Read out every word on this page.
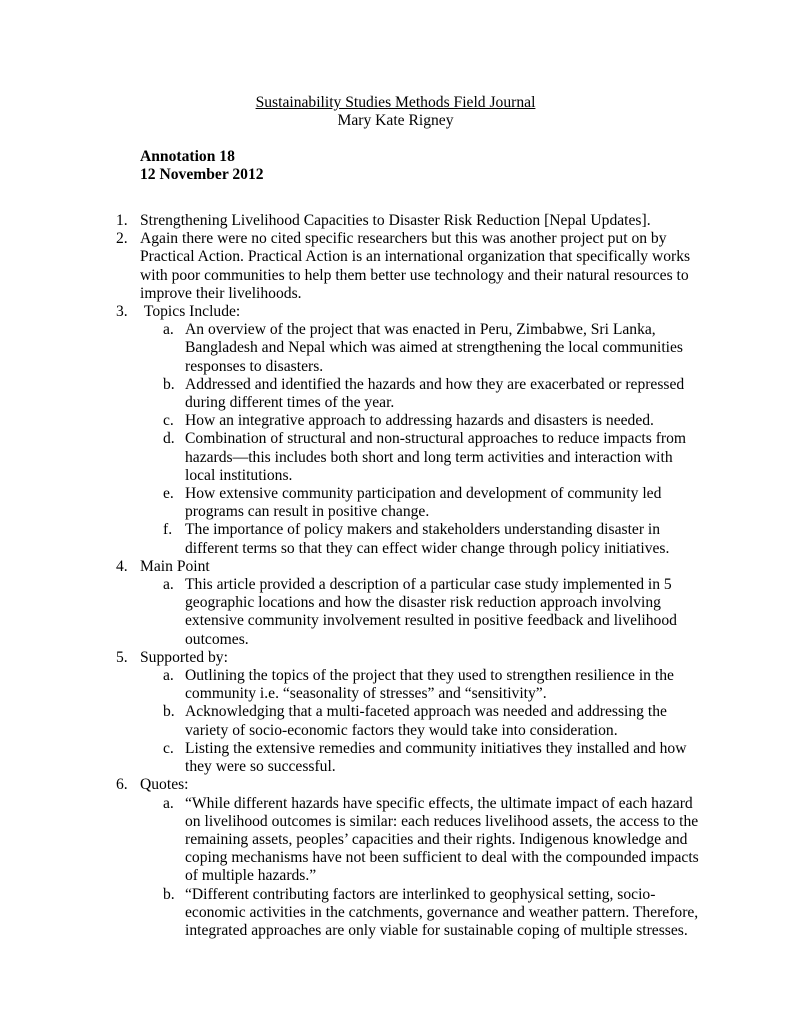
Sustainability Studies Methods Field Journal
Mary Kate Rigney
Annotation 18
12 November 2012
1. Strengthening Livelihood Capacities to Disaster Risk Reduction [Nepal Updates].
2. Again there were no cited specific researchers but this was another project put on by Practical Action. Practical Action is an international organization that specifically works with poor communities to help them better use technology and their natural resources to improve their livelihoods.
3. Topics Include:
a. An overview of the project that was enacted in Peru, Zimbabwe, Sri Lanka, Bangladesh and Nepal which was aimed at strengthening the local communities responses to disasters.
b. Addressed and identified the hazards and how they are exacerbated or repressed during different times of the year.
c. How an integrative approach to addressing hazards and disasters is needed.
d. Combination of structural and non-structural approaches to reduce impacts from hazards—this includes both short and long term activities and interaction with local institutions.
e. How extensive community participation and development of community led programs can result in positive change.
f. The importance of policy makers and stakeholders understanding disaster in different terms so that they can effect wider change through policy initiatives.
4. Main Point
a. This article provided a description of a particular case study implemented in 5 geographic locations and how the disaster risk reduction approach involving extensive community involvement resulted in positive feedback and livelihood outcomes.
5. Supported by:
a. Outlining the topics of the project that they used to strengthen resilience in the community i.e. “seasonality of stresses” and “sensitivity”.
b. Acknowledging that a multi-faceted approach was needed and addressing the variety of socio-economic factors they would take into consideration.
c. Listing the extensive remedies and community initiatives they installed and how they were so successful.
6. Quotes:
a. “While different hazards have specific effects, the ultimate impact of each hazard on livelihood outcomes is similar: each reduces livelihood assets, the access to the remaining assets, peoples’ capacities and their rights. Indigenous knowledge and coping mechanisms have not been sufficient to deal with the compounded impacts of multiple hazards.”
b. “Different contributing factors are interlinked to geophysical setting, socio-economic activities in the catchments, governance and weather pattern. Therefore, integrated approaches are only viable for sustainable coping of multiple stresses.
